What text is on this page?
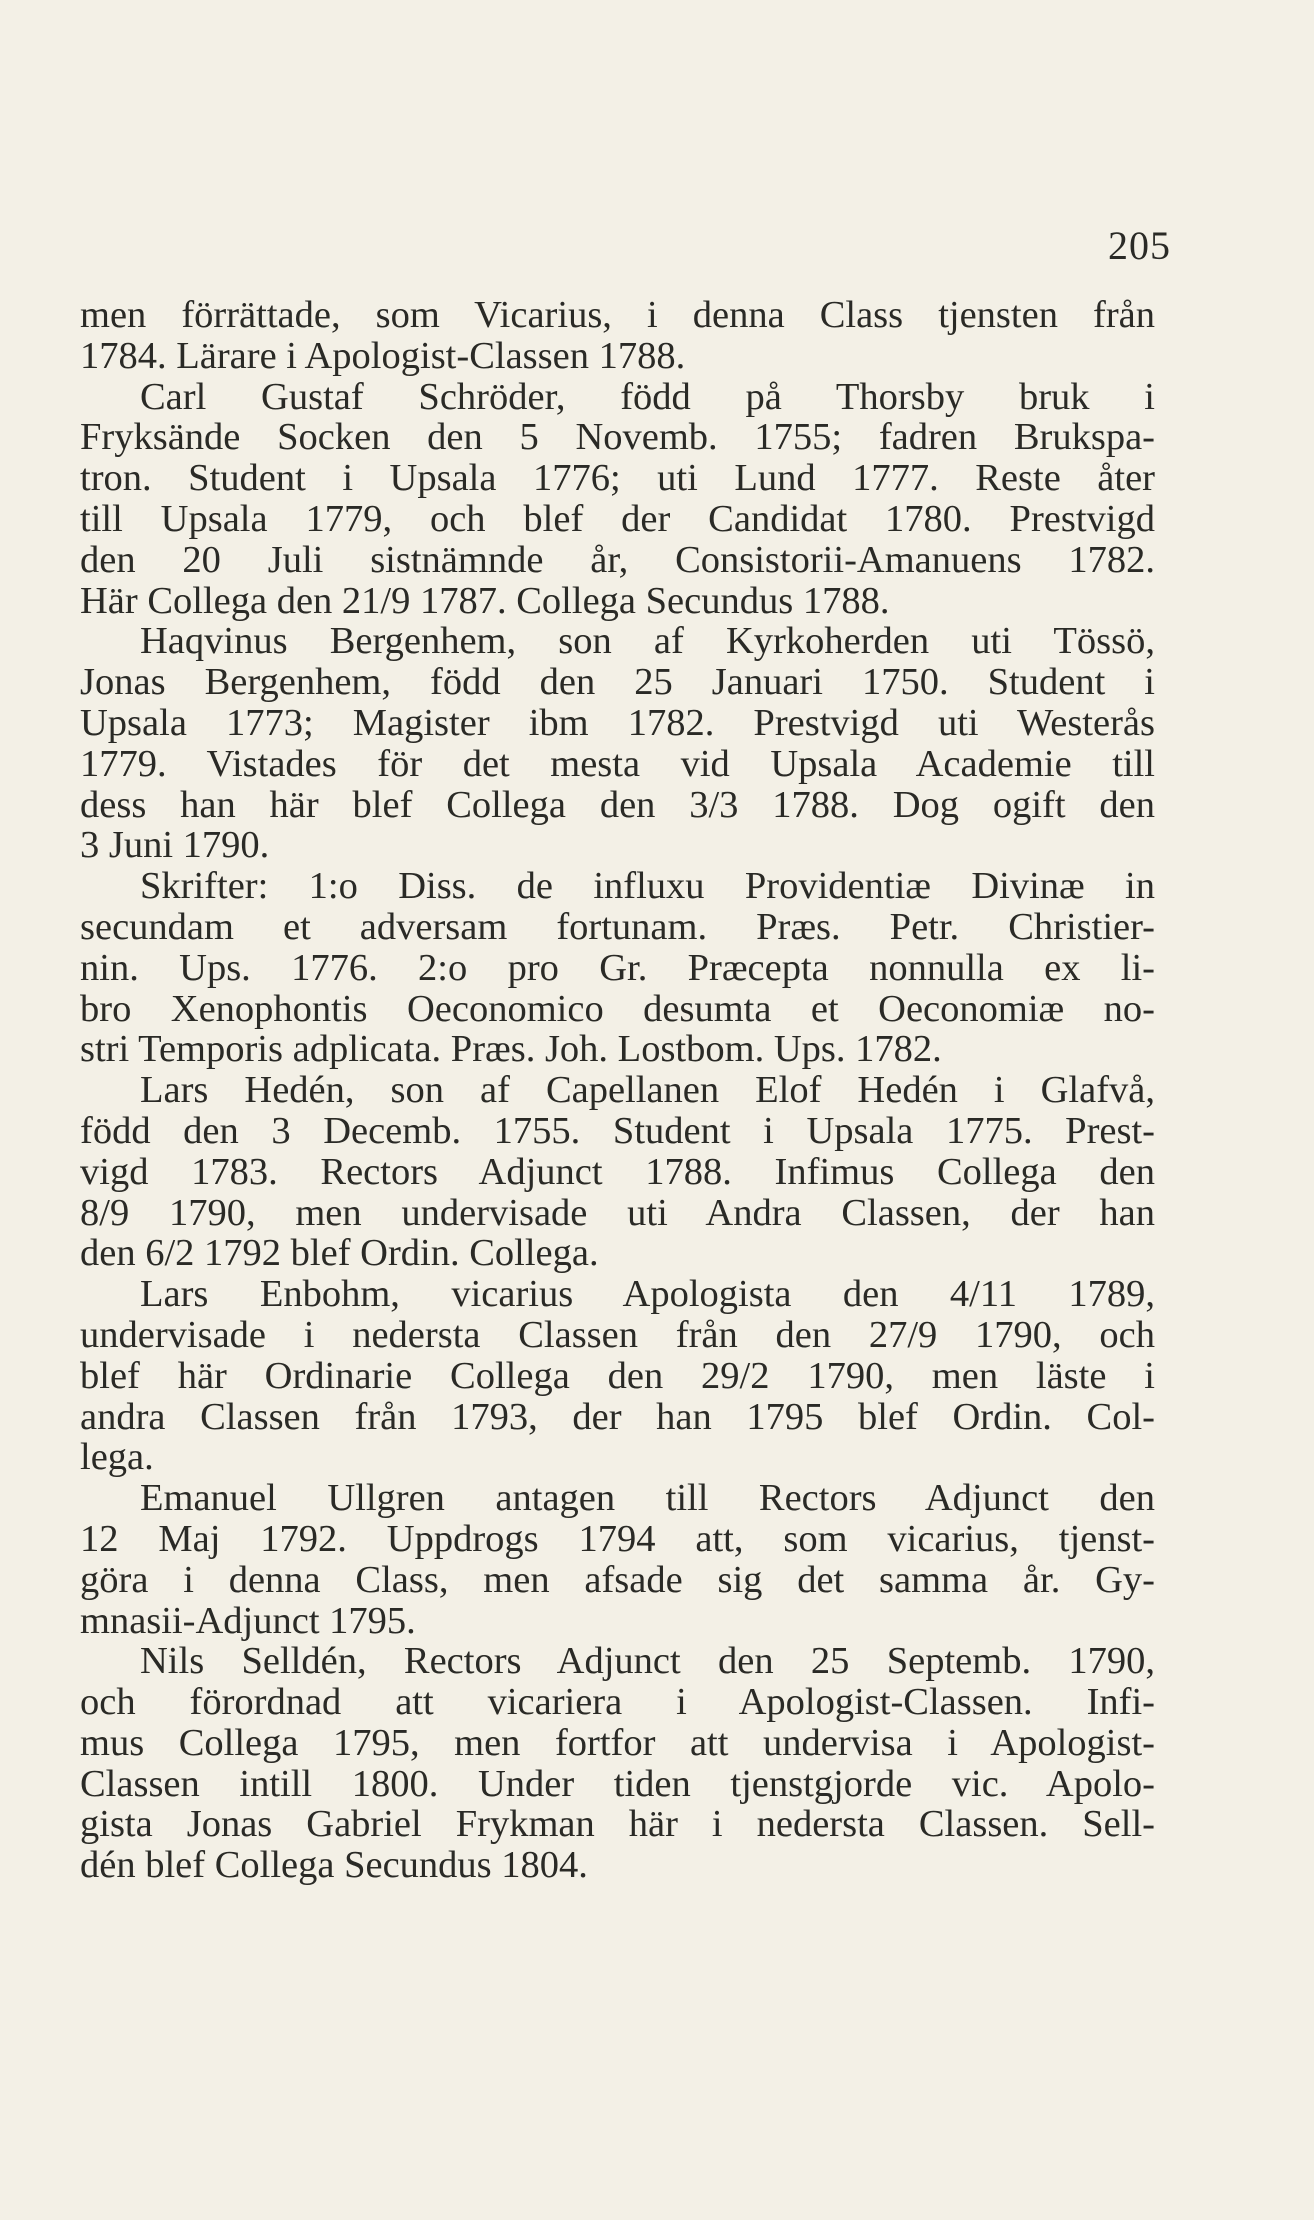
205
men förrättade, som Vicarius, i denna Class tjensten från
1784. Lärare i Apologist-Classen 1788.
Carl Gustaf Schröder, född på Thorsby bruk i
Fryksände Socken den 5 Novemb. 1755; fadren Brukspa-
tron. Student i Upsala 1776; uti Lund 1777. Reste åter
till Upsala 1779, och blef der Candidat 1780. Prestvigd
den 20 Juli sistnämnde år, Consistorii-Amanuens 1782.
Här Collega den 21/9 1787. Collega Secundus 1788.
Haqvinus Bergenhem, son af Kyrkoherden uti Tössö,
Jonas Bergenhem, född den 25 Januari 1750. Student i
Upsala 1773; Magister ibm 1782. Prestvigd uti Westerås
1779. Vistades för det mesta vid Upsala Academie till
dess han här blef Collega den 3/3 1788. Dog ogift den
3 Juni 1790.
Skrifter: 1:o Diss. de influxu Providentiæ Divinæ in
secundam et adversam fortunam. Præs. Petr. Christier-
nin. Ups. 1776. 2:o pro Gr. Præcepta nonnulla ex li-
bro Xenophontis Oeconomico desumta et Oeconomiæ no-
stri Temporis adplicata. Præs. Joh. Lostbom. Ups. 1782.
Lars Hedén, son af Capellanen Elof Hedén i Glafvå,
född den 3 Decemb. 1755. Student i Upsala 1775. Prest-
vigd 1783. Rectors Adjunct 1788. Infimus Collega den
8/9 1790, men undervisade uti Andra Classen, der han
den 6/2 1792 blef Ordin. Collega.
Lars Enbohm, vicarius Apologista den 4/11 1789,
undervisade i nedersta Classen från den 27/9 1790, och
blef här Ordinarie Collega den 29/2 1790, men läste i
andra Classen från 1793, der han 1795 blef Ordin. Col-
lega.
Emanuel Ullgren antagen till Rectors Adjunct den
12 Maj 1792. Uppdrogs 1794 att, som vicarius, tjenst-
göra i denna Class, men afsade sig det samma år. Gy-
mnasii-Adjunct 1795.
Nils Selldén, Rectors Adjunct den 25 Septemb. 1790,
och förordnad att vicariera i Apologist-Classen. Infi-
mus Collega 1795, men fortfor att undervisa i Apologist-
Classen intill 1800. Under tiden tjenstgjorde vic. Apolo-
gista Jonas Gabriel Frykman här i nedersta Classen. Sell-
dén blef Collega Secundus 1804.
